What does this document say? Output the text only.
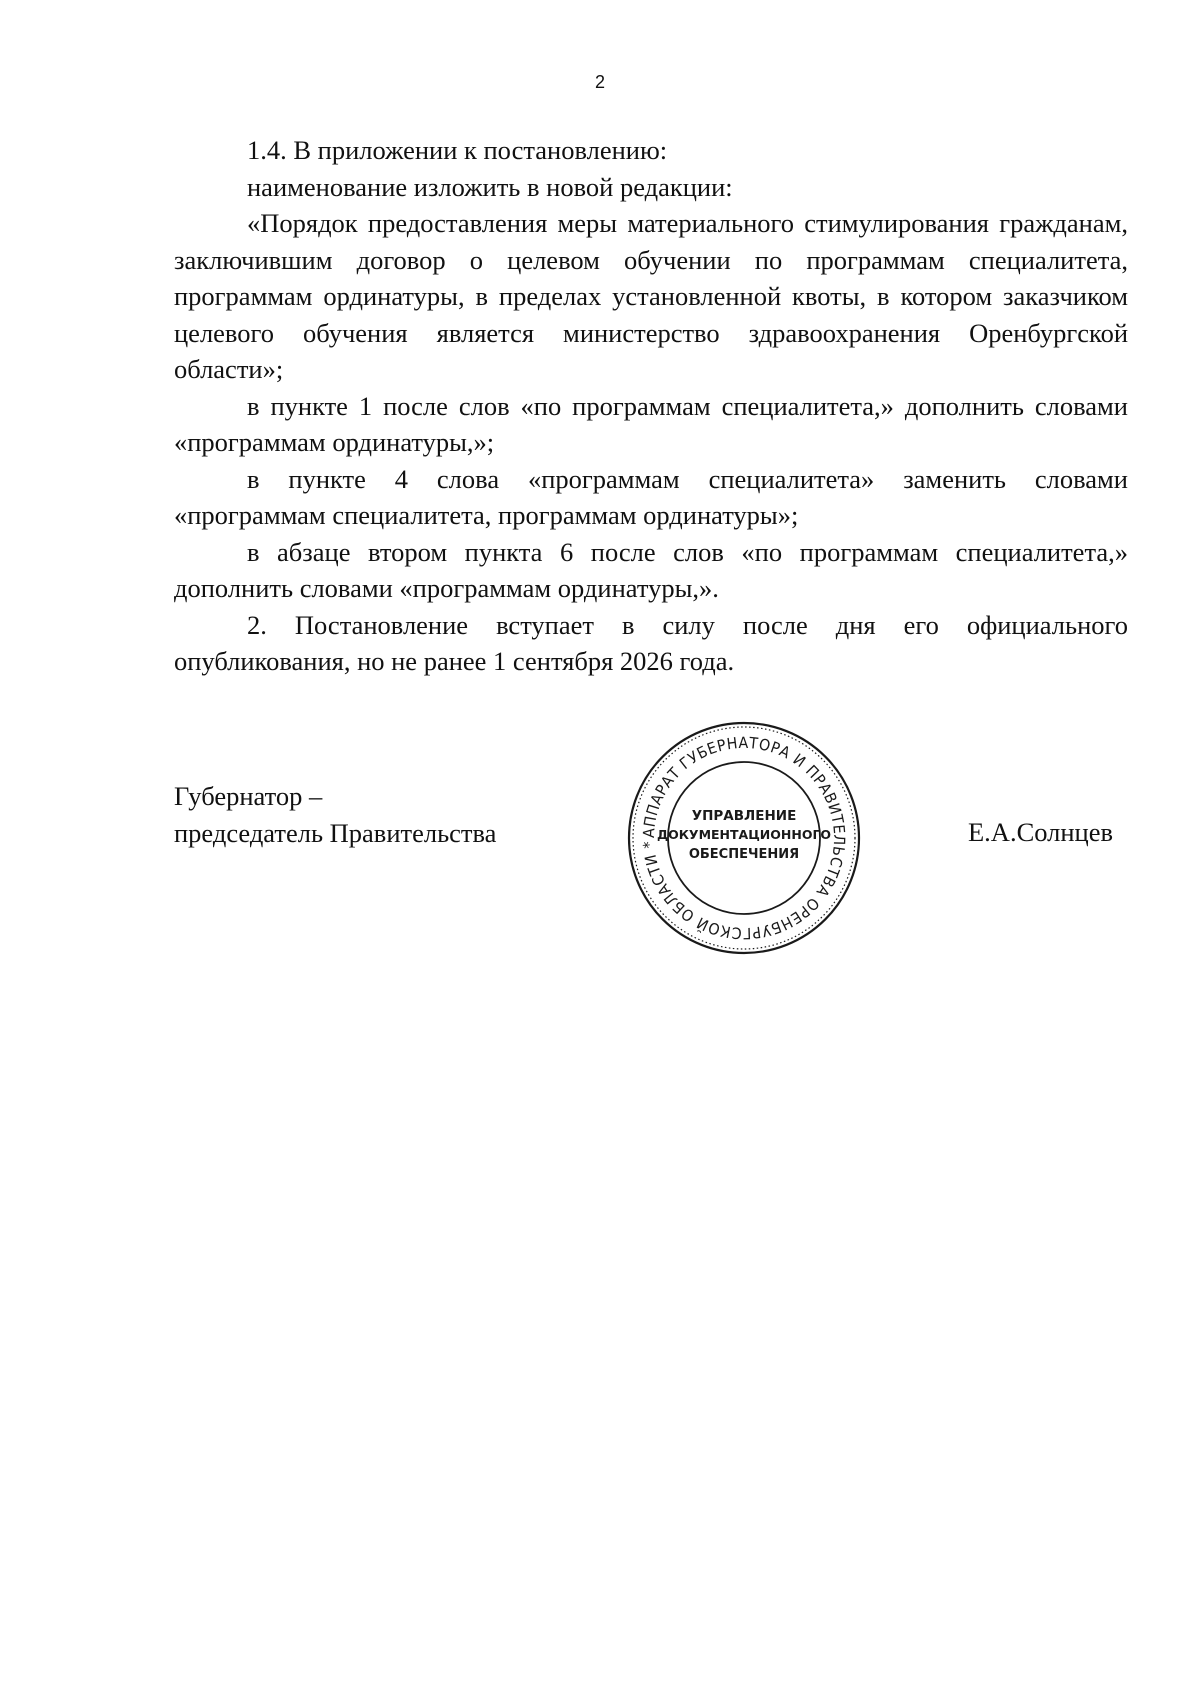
2

1.4. В приложении к постановлению:

наименование изложить в новой редакции:

«Порядок предоставления меры материального стимулирования гражданам, заключившим договор о целевом обучении по программам специалитета, программам ординатуры, в пределах установленной квоты, в котором заказчиком целевого обучения является министерство здравоохранения Оренбургской области»;

в пункте 1 после слов «по программам специалитета,» дополнить словами «программам ординатуры,»;

в пункте 4 слова «программам специалитета» заменить словами «программам специалитета, программам ординатуры»;

в абзаце втором пункта 6 после слов «по программам специалитета,» дополнить словами «программам ординатуры,».

2. Постановление вступает в силу после дня его официального опубликования, но не ранее 1 сентября 2026 года.

Губернатор –
председатель Правительства	Е.А.Солнцев
АППАРАТ ГУБЕРНАТОРА И ПРАВИТЕЛЬСТВА ОРЕНБУРГСКОЙ ОБЛАСТИ *
УПРАВЛЕНИЕ
ДОКУМЕНТАЦИОННОГО
ОБЕСПЕЧЕНИЯ
